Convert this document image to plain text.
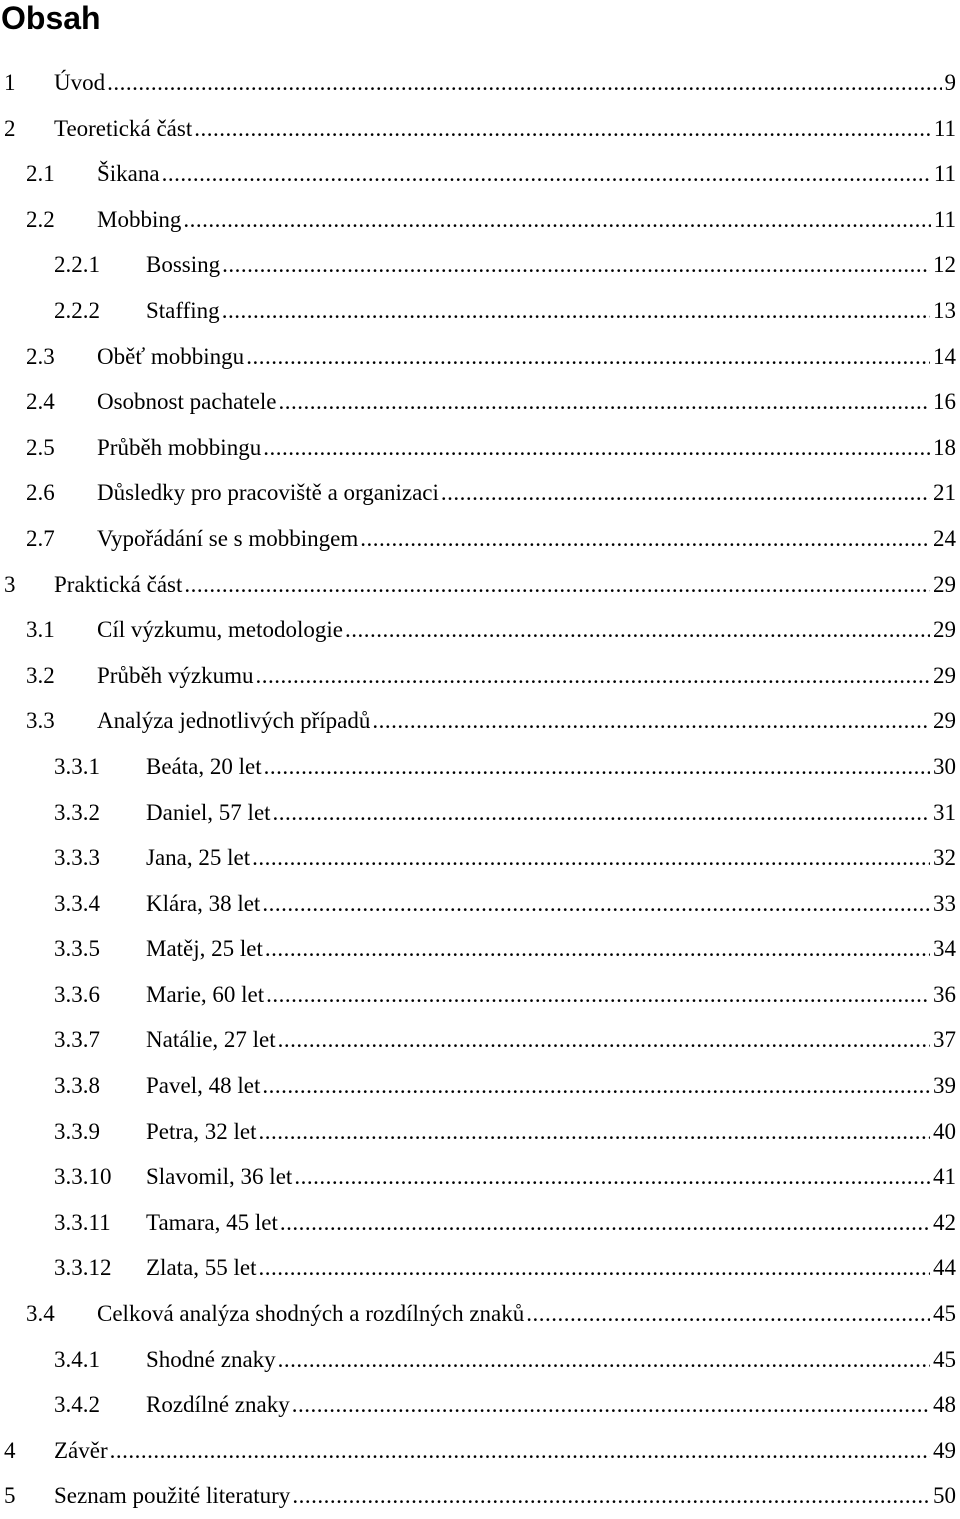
Obsah
1	Úvod .....	9
2	Teoretická část .....	11
2.1	Šikana .....	11
2.2	Mobbing .....	11
2.2.1	Bossing .....	12
2.2.2	Staffing .....	13
2.3	Oběť mobbingu .....	14
2.4	Osobnost pachatele .....	16
2.5	Průběh mobbingu .....	18
2.6	Důsledky pro pracoviště a organizaci .....	21
2.7	Vypořádání se s mobbingem .....	24
3	Praktická část .....	29
3.1	Cíl výzkumu, metodologie .....	29
3.2	Průběh výzkumu .....	29
3.3	Analýza jednotlivých případů .....	29
3.3.1	Beáta, 20 let .....	30
3.3.2	Daniel, 57 let .....	31
3.3.3	Jana, 25 let .....	32
3.3.4	Klára, 38 let .....	33
3.3.5	Matěj, 25 let .....	34
3.3.6	Marie, 60 let .....	36
3.3.7	Natálie, 27 let .....	37
3.3.8	Pavel, 48 let .....	39
3.3.9	Petra, 32 let .....	40
3.3.10	Slavomil, 36 let .....	41
3.3.11	Tamara, 45 let .....	42
3.3.12	Zlata, 55 let .....	44
3.4	Celková analýza shodných a rozdílných znaků .....	45
3.4.1	Shodné znaky .....	45
3.4.2	Rozdílné znaky .....	48
4	Závěr .....	49
5	Seznam použité literatury .....	50
